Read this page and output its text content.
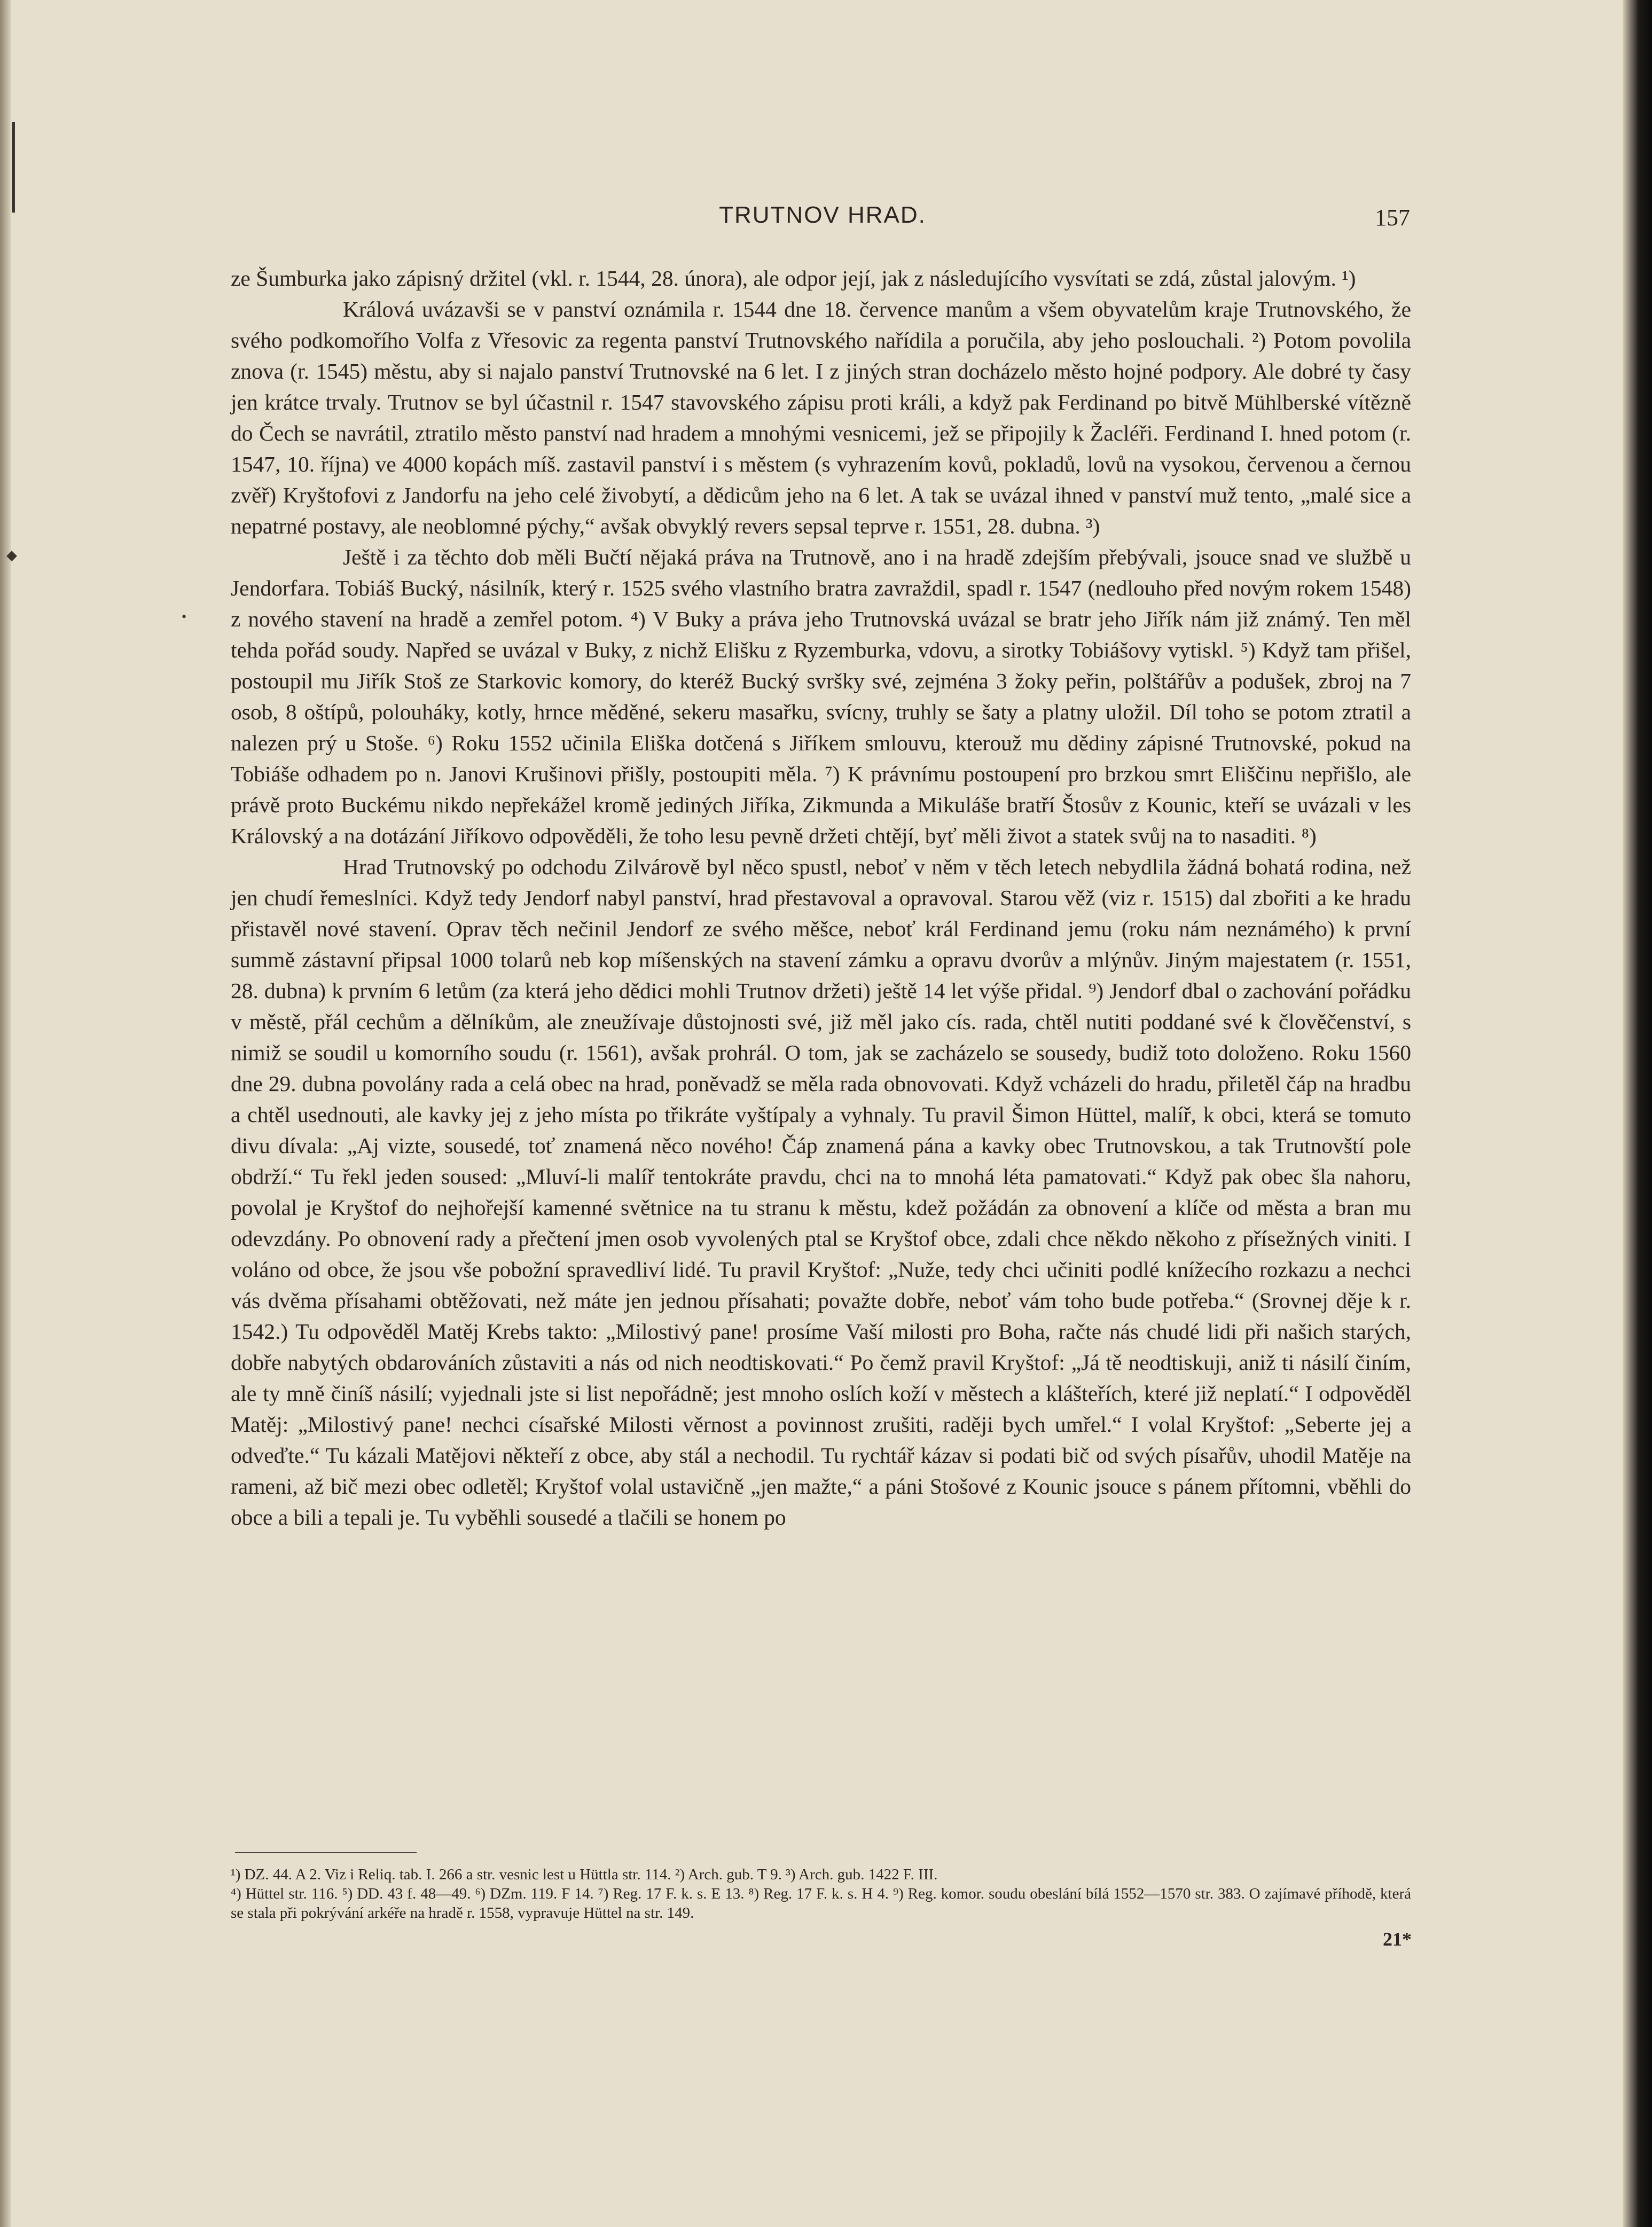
◆
•
TRUTNOV HRAD.	157

ze Šumburka jako zápisný držitel (vkl. r. 1544, 28. února), ale odpor její, jak z následujícího vysvítati se zdá, zůstal jalovým. ¹)

Králová uvázavši se v panství oznámila r. 1544 dne 18. července manům a všem obyvatelům kraje Trutnovského, že svého podkomořího Volfa z Vřesovic za regenta panství Trutnovského nařídila a poručila, aby jeho poslouchali. ²) Potom povolila znova (r. 1545) městu, aby si najalo panství Trutnovské na 6 let. I z jiných stran docházelo město hojné podpory. Ale dobré ty časy jen krátce trvaly. Trutnov se byl účastnil r. 1547 stavovského zápisu proti králi, a když pak Ferdinand po bitvě Mühlberské vítězně do Čech se navrátil, ztratilo město panství nad hradem a mnohými vesnicemi, jež se připojily k Žacléři. Ferdinand I. hned potom (r. 1547, 10. října) ve 4000 kopách míš. zastavil panství i s městem (s vyhrazením kovů, pokladů, lovů na vysokou, červenou a černou zvěř) Kryštofovi z Jandorfu na jeho celé živobytí, a dědicům jeho na 6 let. A tak se uvázal ihned v panství muž tento, „malé sice a nepatrné postavy, ale neoblomné pýchy,“ avšak obvyklý revers sepsal teprve r. 1551, 28. dubna. ³)

Ještě i za těchto dob měli Bučtí nějaká práva na Trutnově, ano i na hradě zdejším přebývali, jsouce snad ve službě u Jendorfara. Tobiáš Bucký, násilník, který r. 1525 svého vlastního bratra zavraždil, spadl r. 1547 (nedlouho před novým rokem 1548) z nového stavení na hradě a zemřel potom. ⁴) V Buky a práva jeho Trutnovská uvázal se bratr jeho Jiřík nám již známý. Ten měl tehda pořád soudy. Napřed se uvázal v Buky, z nichž Elišku z Ryzemburka, vdovu, a sirotky Tobiášovy vytiskl. ⁵) Když tam přišel, postoupil mu Jiřík Stoš ze Starkovic komory, do kteréž Bucký svršky své, zejména 3 žoky peřin, polštářův a podušek, zbroj na 7 osob, 8 oštípů, polouháky, kotly, hrnce měděné, sekeru masařku, svícny, truhly se šaty a platny uložil. Díl toho se potom ztratil a nalezen prý u Stoše. ⁶) Roku 1552 učinila Eliška dotčená s Jiříkem smlouvu, kterouž mu dědiny zápisné Trutnovské, pokud na Tobiáše odhadem po n. Janovi Krušinovi přišly, postoupiti měla. ⁷) K právnímu postoupení pro brzkou smrt Eliščinu nepřišlo, ale právě proto Buckému nikdo nepřekážel kromě jediných Jiříka, Zikmunda a Mikuláše bratří Štosův z Kounic, kteří se uvázali v les Královský a na dotázání Jiříkovo odpověděli, že toho lesu pevně držeti chtějí, byť měli život a statek svůj na to nasaditi. ⁸)

Hrad Trutnovský po odchodu Zilvárově byl něco spustl, neboť v něm v těch letech nebydlila žádná bohatá rodina, než jen chudí řemeslníci. Když tedy Jendorf nabyl panství, hrad přestavoval a opravoval. Starou věž (viz r. 1515) dal zbořiti a ke hradu přistavěl nové stavení. Oprav těch nečinil Jendorf ze svého měšce, neboť král Ferdinand jemu (roku nám neznámého) k první summě zástavní připsal 1000 tolarů neb kop míšenských na stavení zámku a opravu dvorův a mlýnův. Jiným majestatem (r. 1551, 28. dubna) k prvním 6 letům (za která jeho dědici mohli Trutnov držeti) ještě 14 let výše přidal. ⁹) Jendorf dbal o zachování pořádku v městě, přál cechům a dělníkům, ale zneužívaje důstojnosti své, již měl jako cís. rada, chtěl nutiti poddané své k člověčenství, s nimiž se soudil u komorního soudu (r. 1561), avšak prohrál. O tom, jak se zacházelo se sousedy, budiž toto doloženo. Roku 1560 dne 29. dubna povolány rada a celá obec na hrad, poněvadž se měla rada obnovovati. Když vcházeli do hradu, přiletěl čáp na hradbu a chtěl usednouti, ale kavky jej z jeho místa po třikráte vyštípaly a vyhnaly. Tu pravil Šimon Hüttel, malíř, k obci, která se tomuto divu dívala: „Aj vizte, sousedé, toť znamená něco nového! Čáp znamená pána a kavky obec Trutnovskou, a tak Trutnovští pole obdrží.“ Tu řekl jeden soused: „Mluví-li malíř tentokráte pravdu, chci na to mnohá léta pamatovati.“ Když pak obec šla nahoru, povolal je Kryštof do nejhořejší kamenné světnice na tu stranu k městu, kdež požádán za obnovení a klíče od města a bran mu odevzdány. Po obnovení rady a přečtení jmen osob vyvolených ptal se Kryštof obce, zdali chce někdo někoho z přísežných viniti. I voláno od obce, že jsou vše pobožní spravedliví lidé. Tu pravil Kryštof: „Nuže, tedy chci učiniti podlé knížecího rozkazu a nechci vás dvěma přísahami obtěžovati, než máte jen jednou přísahati; považte dobře, neboť vám toho bude potřeba.“ (Srovnej děje k r. 1542.) Tu odpověděl Matěj Krebs takto: „Milostivý pane! prosíme Vaší milosti pro Boha, račte nás chudé lidi při našich starých, dobře nabytých obdarováních zůstaviti a nás od nich neodtiskovati.“ Po čemž pravil Kryštof: „Já tě neodtiskuji, aniž ti násilí činím, ale ty mně činíš násilí; vyjednali jste si list nepořádně; jest mnoho oslích koží v městech a klášteřích, které již neplatí.“ I odpověděl Matěj: „Milostivý pane! nechci císařské Milosti věrnost a povinnost zrušiti, raději bych umřel.“ I volal Kryštof: „Seberte jej a odveďte.“ Tu kázali Matějovi někteří z obce, aby stál a nechodil. Tu rychtář kázav si podati bič od svých písařův, uhodil Matěje na rameni, až bič mezi obec odletěl; Kryštof volal ustavičně „jen mažte,“ a páni Stošové z Kounic jsouce s pánem přítomni, vběhli do obce a bili a tepali je. Tu vyběhli sousedé a tlačili se honem po

¹) DZ. 44. A 2. Viz i Reliq. tab. I. 266 a str. vesnic lest u Hüttla str. 114. ²) Arch. gub. T 9. ³) Arch. gub. 1422 F. III.

⁴) Hüttel str. 116. ⁵) DD. 43 f. 48—49. ⁶) DZm. 119. F 14. ⁷) Reg. 17 F. k. s. E 13. ⁸) Reg. 17 F. k. s. H 4. ⁹) Reg. komor. soudu obeslání bílá 1552—1570 str. 383. O zajímavé příhodě, která se stala při pokrývání arkéře na hradě r. 1558, vypravuje Hüttel na str. 149.

21*
